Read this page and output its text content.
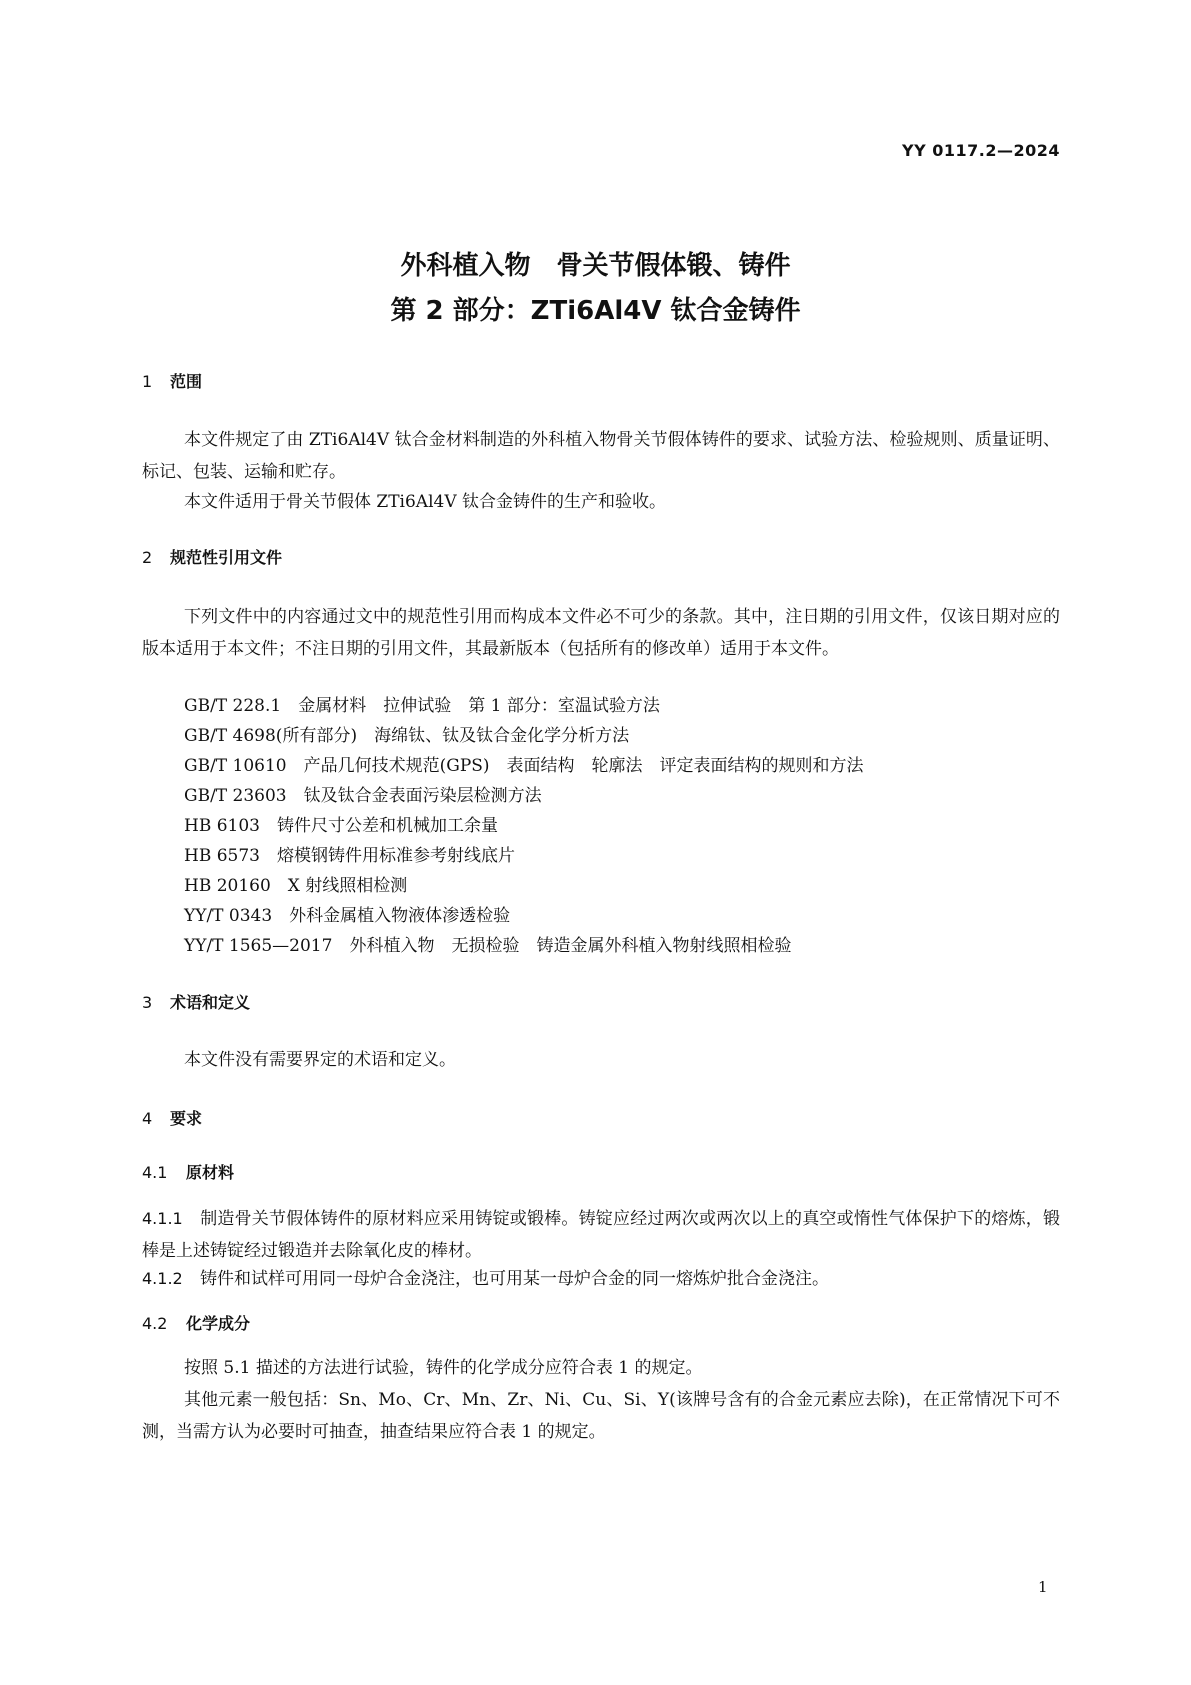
YY 0117.2—2024
外科植入物　骨关节假体锻、铸件
第 2 部分：ZTi6Al4V 钛合金铸件
1 范围
本文件规定了由 ZTi6Al4V 钛合金材料制造的外科植入物骨关节假体铸件的要求、试验方法、检验规则、质量证明、标记、包装、运输和贮存。
本文件适用于骨关节假体 ZTi6Al4V 钛合金铸件的生产和验收。
2 规范性引用文件
下列文件中的内容通过文中的规范性引用而构成本文件必不可少的条款。其中，注日期的引用文件，仅该日期对应的版本适用于本文件；不注日期的引用文件，其最新版本（包括所有的修改单）适用于本文件。
GB/T 228.1　金属材料　拉伸试验　第 1 部分：室温试验方法
GB/T 4698(所有部分)　海绵钛、钛及钛合金化学分析方法
GB/T 10610　产品几何技术规范(GPS)　表面结构　轮廓法　评定表面结构的规则和方法
GB/T 23603　钛及钛合金表面污染层检测方法
HB 6103　铸件尺寸公差和机械加工余量
HB 6573　熔模钢铸件用标准参考射线底片
HB 20160　X 射线照相检测
YY/T 0343　外科金属植入物液体渗透检验
YY/T 1565—2017　外科植入物　无损检验　铸造金属外科植入物射线照相检验
3 术语和定义
本文件没有需要界定的术语和定义。
4 要求
4.1 原材料
4.1.1 制造骨关节假体铸件的原材料应采用铸锭或锻棒。铸锭应经过两次或两次以上的真空或惰性气体保护下的熔炼，锻棒是上述铸锭经过锻造并去除氧化皮的棒材。
4.1.2 铸件和试样可用同一母炉合金浇注，也可用某一母炉合金的同一熔炼炉批合金浇注。
4.2 化学成分
按照 5.1 描述的方法进行试验，铸件的化学成分应符合表 1 的规定。
其他元素一般包括：Sn、Mo、Cr、Mn、Zr、Ni、Cu、Si、Y(该牌号含有的合金元素应去除)，在正常情况下可不测，当需方认为必要时可抽查，抽查结果应符合表 1 的规定。
1
